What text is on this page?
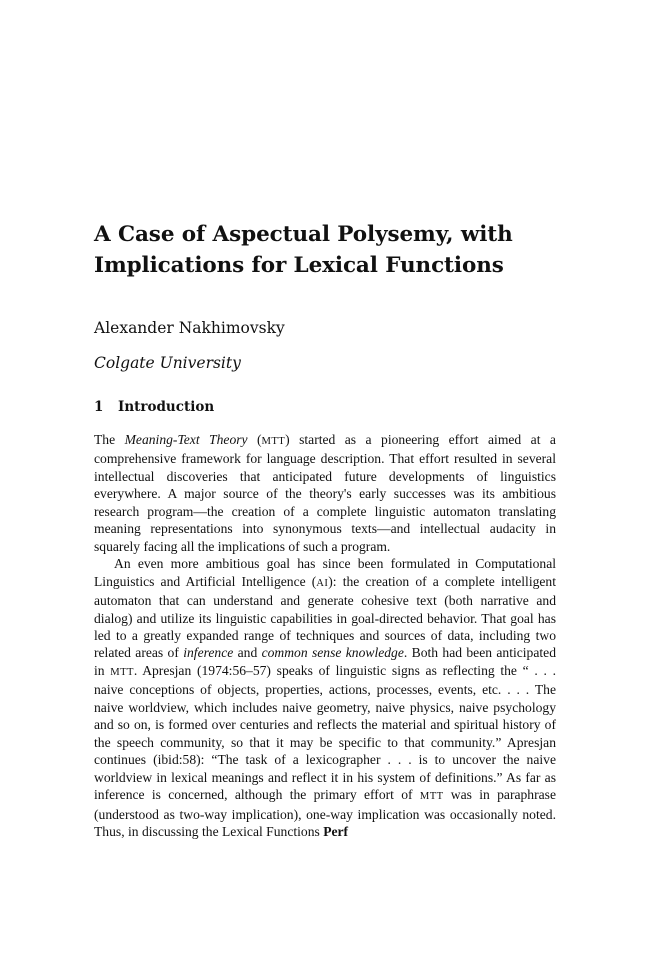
A Case of Aspectual Polysemy, with
Implications for Lexical Functions

Alexander Nakhimovsky

Colgate University

1 Introduction

The Meaning-Text Theory (MTT) started as a pioneering effort aimed at a comprehensive framework for language description. That effort resulted in several intellectual discoveries that anticipated future developments of linguistics everywhere. A major source of the theory's early successes was its ambitious research program—the creation of a complete linguistic automaton translating meaning representations into synonymous texts—and intellectual audacity in squarely facing all the implications of such a program.

An even more ambitious goal has since been formulated in Computational Linguistics and Artificial Intelligence (AI): the creation of a complete intelligent automaton that can understand and generate cohesive text (both narrative and dialog) and utilize its linguistic capabilities in goal-directed behavior. That goal has led to a greatly expanded range of techniques and sources of data, including two related areas of inference and common sense knowledge. Both had been anticipated in MTT. Apresjan (1974:56–57) speaks of linguistic signs as reflecting the “ . . . naive conceptions of objects, properties, actions, processes, events, etc. . . . The naive worldview, which includes naive geometry, naive physics, naive psychology and so on, is formed over centuries and reflects the material and spiritual history of the speech community, so that it may be specific to that community.” Apresjan continues (ibid:58): “The task of a lexicographer . . . is to uncover the naive worldview in lexical meanings and reflect it in his system of definitions.” As far as inference is concerned, although the primary effort of MTT was in paraphrase (understood as two-way implication), one-way implication was occasionally noted. Thus, in discussing the Lexical Functions Perf
